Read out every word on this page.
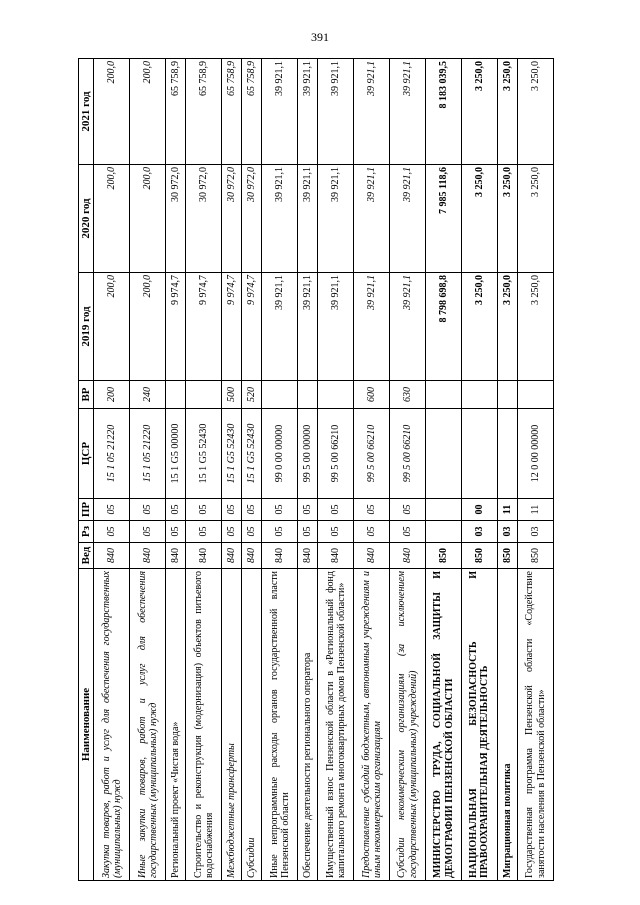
391
Наименование	Вед	Рз	ПР	ЦСР	ВР	2019 год	2020 год	2021 год
Закупка товаров, работ и услуг для обеспечения государственных (муниципальных) нужд	840	05	05	15 1 05 21220	200	200,0	200,0	200,0
Иные закупки товаров, работ и услуг для обеспечения государственных (муниципальных) нужд	840	05	05	15 1 05 21220	240	200,0	200,0	200,0
Региональный проект «Чистая вода»	840	05	05	15 1 G5 00000		9 974,7	30 972,0	65 758,9
Строительство и реконструкция (модернизация) объектов питьевого водоснабжения	840	05	05	15 1 G5 52430		9 974,7	30 972,0	65 758,9
Межбюджетные трансферты	840	05	05	15 1 G5 52430	500	9 974,7	30 972,0	65 758,9
Субсидии	840	05	05	15 1 G5 52430	520	9 974,7	30 972,0	65 758,9
Иные непрограммные расходы органов государственной власти Пензенской области	840	05	05	99 0 00 00000		39 921,1	39 921,1	39 921,1
Обеспечение деятельности регионального оператора	840	05	05	99 5 00 00000		39 921,1	39 921,1	39 921,1
Имущественный взнос Пензенской области в «Региональный фонд капитального ремонта многоквартирных домов Пензенской области»	840	05	05	99 5 00 66210		39 921,1	39 921,1	39 921,1
Предоставление субсидий бюджетным, автономным учреждениям и иным некоммерческим организациям	840	05	05	99 5 00 66210	600	39 921,1	39 921,1	39 921,1
Субсидии некоммерческим организациям (за исключением государственных (муниципальных) учреждений)	840	05	05	99 5 00 66210	630	39 921,1	39 921,1	39 921,1
МИНИСТЕРСТВО ТРУДА, СОЦИАЛЬНОЙ ЗАЩИТЫ И ДЕМОГРАФИИ ПЕНЗЕНСКОЙ ОБЛАСТИ	850					8 798 698,8	7 985 118,6	8 183 039,5
НАЦИОНАЛЬНАЯ БЕЗОПАСНОСТЬ И ПРАВООХРАНИТЕЛЬНАЯ ДЕЯТЕЛЬНОСТЬ	850	03	00			3 250,0	3 250,0	3 250,0
Миграционная политика	850	03	11			3 250,0	3 250,0	3 250,0
Государственная программа Пензенской области «Содействие занятости населения в Пензенской области»	850	03	11	12 0 00 00000		3 250,0	3 250,0	3 250,0
